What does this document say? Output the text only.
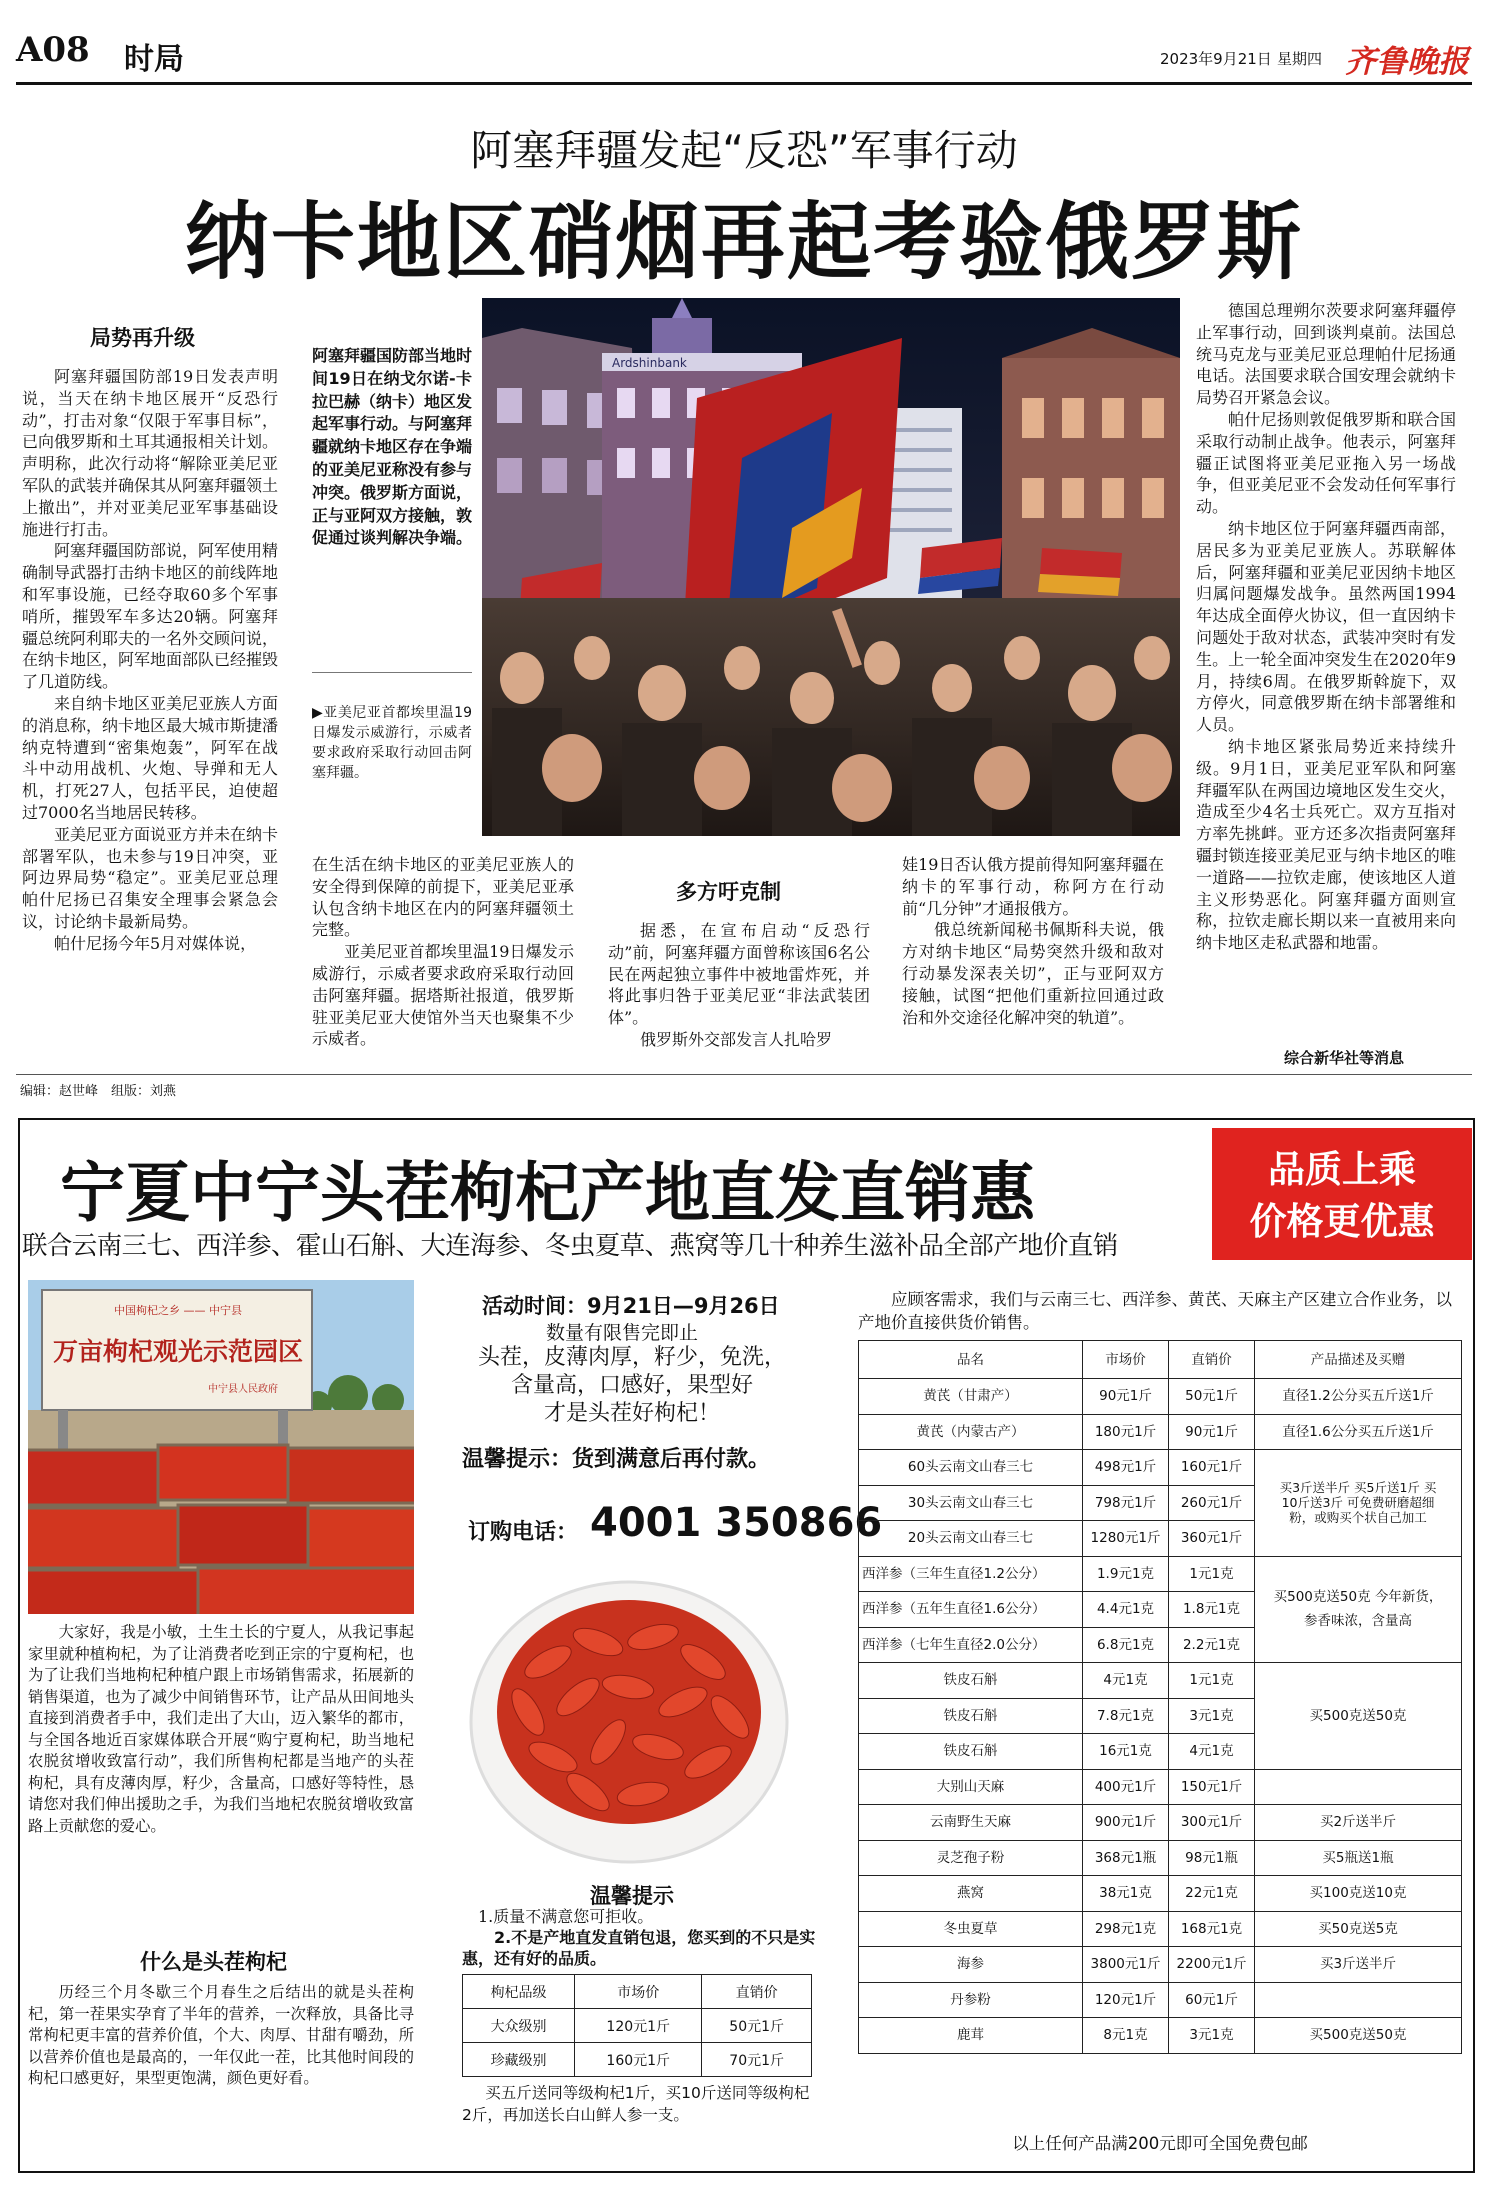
A08 时局	2023年9月21日 星期四 齐鲁晚报
阿塞拜疆发起“反恐”军事行动
纳卡地区硝烟再起考验俄罗斯
局势再升级

阿塞拜疆国防部19日发表声明说，当天在纳卡地区展开“反恐行动”，打击对象“仅限于军事目标”，已向俄罗斯和土耳其通报相关计划。声明称，此次行动将“解除亚美尼亚军队的武装并确保其从阿塞拜疆领土上撤出”，并对亚美尼亚军事基础设施进行打击。

阿塞拜疆国防部说，阿军使用精确制导武器打击纳卡地区的前线阵地和军事设施，已经夺取60多个军事哨所，摧毁军车多达20辆。阿塞拜疆总统阿利耶夫的一名外交顾问说，在纳卡地区，阿军地面部队已经摧毁了几道防线。

来自纳卡地区亚美尼亚族人方面的消息称，纳卡地区最大城市斯捷潘纳克特遭到“密集炮轰”，阿军在战斗中动用战机、火炮、导弹和无人机，打死27人，包括平民，迫使超过7000名当地居民转移。

亚美尼亚方面说亚方并未在纳卡部署军队，也未参与19日冲突，亚阿边界局势“稳定”。亚美尼亚总理帕什尼扬已召集安全理事会紧急会议，讨论纳卡最新局势。

帕什尼扬今年5月对媒体说，

阿塞拜疆国防部当地时间19日在纳戈尔诺-卡拉巴赫（纳卡）地区发起军事行动。与阿塞拜疆就纳卡地区存在争端的亚美尼亚称没有参与冲突。俄罗斯方面说，正与亚阿双方接触，敦促通过谈判解决争端。
▶亚美尼亚首都埃里温19日爆发示威游行，示威者要求政府采取行动回击阿塞拜疆。
Ardshinbank

在生活在纳卡地区的亚美尼亚族人的安全得到保障的前提下，亚美尼亚承认包含纳卡地区在内的阿塞拜疆领土完整。

亚美尼亚首都埃里温19日爆发示威游行，示威者要求政府采取行动回击阿塞拜疆。据塔斯社报道，俄罗斯驻亚美尼亚大使馆外当天也聚集不少示威者。

多方吁克制

据悉，在宣布启动“反恐行动”前，阿塞拜疆方面曾称该国6名公民在两起独立事件中被地雷炸死，并将此事归咎于亚美尼亚“非法武装团体”。

俄罗斯外交部发言人扎哈罗

娃19日否认俄方提前得知阿塞拜疆在纳卡的军事行动，称阿方在行动前“几分钟”才通报俄方。

俄总统新闻秘书佩斯科夫说，俄方对纳卡地区“局势突然升级和敌对行动暴发深表关切”，正与亚阿双方接触，试图“把他们重新拉回通过政治和外交途径化解冲突的轨道”。

德国总理朔尔茨要求阿塞拜疆停止军事行动，回到谈判桌前。法国总统马克龙与亚美尼亚总理帕什尼扬通电话。法国要求联合国安理会就纳卡局势召开紧急会议。

帕什尼扬则敦促俄罗斯和联合国采取行动制止战争。他表示，阿塞拜疆正试图将亚美尼亚拖入另一场战争，但亚美尼亚不会发动任何军事行动。

纳卡地区位于阿塞拜疆西南部，居民多为亚美尼亚族人。苏联解体后，阿塞拜疆和亚美尼亚因纳卡地区归属问题爆发战争。虽然两国1994年达成全面停火协议，但一直因纳卡问题处于敌对状态，武装冲突时有发生。上一轮全面冲突发生在2020年9月，持续6周。在俄罗斯斡旋下，双方停火，同意俄罗斯在纳卡部署维和人员。

纳卡地区紧张局势近来持续升级。9月1日，亚美尼亚军队和阿塞拜疆军队在两国边境地区发生交火，造成至少4名士兵死亡。双方互指对方率先挑衅。亚方还多次指责阿塞拜疆封锁连接亚美尼亚与纳卡地区的唯一道路——拉钦走廊，使该地区人道主义形势恶化。阿塞拜疆方面则宣称，拉钦走廊长期以来一直被用来向纳卡地区走私武器和地雷。

综合新华社等消息
编辑：赵世峰　组版：刘燕
宁夏中宁头茬枸杞产地直发直销惠	品质上乘
价格更优惠
联合云南三七、西洋参、霍山石斛、大连海参、冬虫夏草、燕窝等几十种养生滋补品全部产地价直销
中国枸杞之乡 —— 中宁县
万亩枸杞观光示范园区
中宁县人民政府
大家好，我是小敏，土生土长的宁夏人，从我记事起家里就种植枸杞，为了让消费者吃到正宗的宁夏枸杞，也为了让我们当地枸杞种植户跟上市场销售需求，拓展新的销售渠道，也为了减少中间销售环节，让产品从田间地头直接到消费者手中，我们走出了大山，迈入繁华的都市，与全国各地近百家媒体联合开展“购宁夏枸杞，助当地杞农脱贫增收致富行动”，我们所售枸杞都是当地产的头茬枸杞，具有皮薄肉厚，籽少，含量高，口感好等特性，恳请您对我们伸出援助之手，为我们当地杞农脱贫增收致富路上贡献您的爱心。
什么是头茬枸杞
历经三个月冬歇三个月春生之后结出的就是头茬枸杞，第一茬果实孕育了半年的营养，一次释放，具备比寻常枸杞更丰富的营养价值，个大、肉厚、甘甜有嚼劲，所以营养价值也是最高的，一年仅此一茬，比其他时间段的枸杞口感更好，果型更饱满，颜色更好看。
活动时间：9月21日—9月26日
数量有限售完即止
头茬，皮薄肉厚，籽少，免洗，
含量高，口感好，果型好
才是头茬好枸杞！
温馨提示：货到满意后再付款。
订购电话： 4001 350866
温馨提示
1.质量不满意您可拒收。
2.不是产地直发直销包退，您买到的不只是实惠，还有好的品质。
枸杞品级	市场价	直销价
大众级别	120元1斤	50元1斤
珍藏级别	160元1斤	70元1斤
买五斤送同等级枸杞1斤，买10斤送同等级枸杞2斤，再加送长白山鲜人参一支。
应顾客需求，我们与云南三七、西洋参、黄芪、天麻主产区建立合作业务，以产地价直接供货价销售。
品名	市场价	直销价	产品描述及买赠
黄芪（甘肃产）	90元1斤	50元1斤	直径1.2公分买五斤送1斤
黄芪（内蒙古产）	180元1斤	90元1斤	直径1.6公分买五斤送1斤
60头云南文山春三七	498元1斤	160元1斤	买3斤送半斤 买5斤送1斤 买10斤送3斤 可免费研磨超细粉，或购买个状自己加工
30头云南文山春三七	798元1斤	260元1斤	
20头云南文山春三七	1280元1斤	360元1斤	
西洋参（三年生直径1.2公分）	1.9元1克	1元1克	买500克送50克 今年新货，参香味浓，含量高
西洋参（五年生直径1.6公分）	4.4元1克	1.8元1克	
西洋参（七年生直径2.0公分）	6.8元1克	2.2元1克	
铁皮石斛	4元1克	1元1克	买500克送50克
铁皮石斛	7.8元1克	3元1克	
铁皮石斛	16元1克	4元1克	
大别山天麻	400元1斤	150元1斤	
云南野生天麻	900元1斤	300元1斤	买2斤送半斤
灵芝孢子粉	368元1瓶	98元1瓶	买5瓶送1瓶
燕窝	38元1克	22元1克	买100克送10克
冬虫夏草	298元1克	168元1克	买50克送5克
海参	3800元1斤	2200元1斤	买3斤送半斤
丹参粉	120元1斤	60元1斤	
鹿茸	8元1克	3元1克	买500克送50克
以上任何产品满200元即可全国免费包邮
